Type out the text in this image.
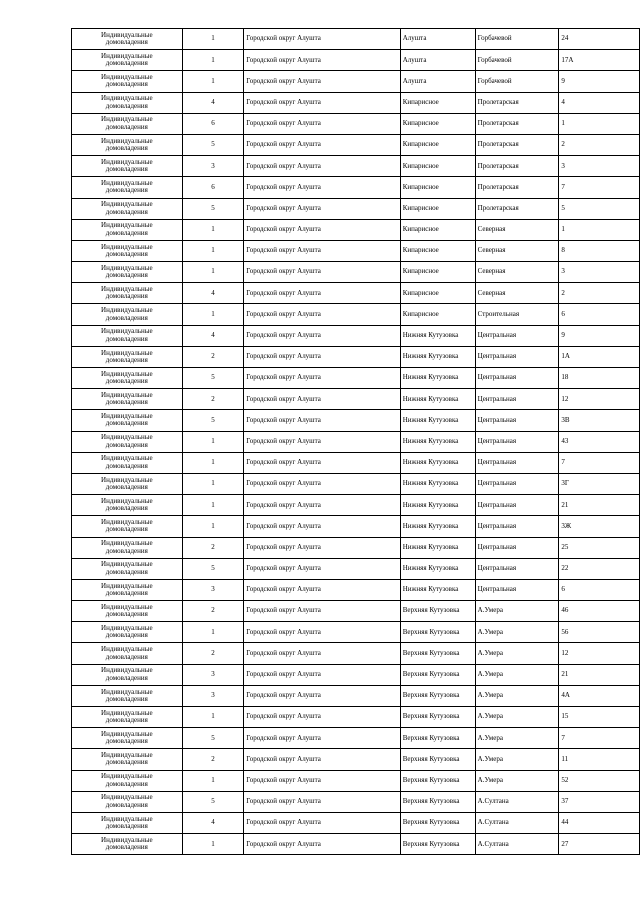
Индивидуальные
домовладения	1	Городской округ Алушта	Алушта	Горбачевой	24

Индивидуальные
домовладения	1	Городской округ Алушта	Алушта	Горбачевой	17А

Индивидуальные
домовладения	1	Городской округ Алушта	Алушта	Горбачевой	9

Индивидуальные
домовладения	4	Городской округ Алушта	Кипарисное	Пролетарская	4

Индивидуальные
домовладения	6	Городской округ Алушта	Кипарисное	Пролетарская	1

Индивидуальные
домовладения	5	Городской округ Алушта	Кипарисное	Пролетарская	2

Индивидуальные
домовладения	3	Городской округ Алушта	Кипарисное	Пролетарская	3

Индивидуальные
домовладения	6	Городской округ Алушта	Кипарисное	Пролетарская	7

Индивидуальные
домовладения	5	Городской округ Алушта	Кипарисное	Пролетарская	5

Индивидуальные
домовладения	1	Городской округ Алушта	Кипарисное	Северная	1

Индивидуальные
домовладения	1	Городской округ Алушта	Кипарисное	Северная	8

Индивидуальные
домовладения	1	Городской округ Алушта	Кипарисное	Северная	3

Индивидуальные
домовладения	4	Городской округ Алушта	Кипарисное	Северная	2

Индивидуальные
домовладения	1	Городской округ Алушта	Кипарисное	Строительная	6

Индивидуальные
домовладения	4	Городской округ Алушта	Нижняя Кутузовка	Центральная	9

Индивидуальные
домовладения	2	Городской округ Алушта	Нижняя Кутузовка	Центральная	1А

Индивидуальные
домовладения	5	Городской округ Алушта	Нижняя Кутузовка	Центральная	18

Индивидуальные
домовладения	2	Городской округ Алушта	Нижняя Кутузовка	Центральная	12

Индивидуальные
домовладения	5	Городской округ Алушта	Нижняя Кутузовка	Центральная	3В

Индивидуальные
домовладения	1	Городской округ Алушта	Нижняя Кутузовка	Центральная	43

Индивидуальные
домовладения	1	Городской округ Алушта	Нижняя Кутузовка	Центральная	7

Индивидуальные
домовладения	1	Городской округ Алушта	Нижняя Кутузовка	Центральная	3Г

Индивидуальные
домовладения	1	Городской округ Алушта	Нижняя Кутузовка	Центральная	21

Индивидуальные
домовладения	1	Городской округ Алушта	Нижняя Кутузовка	Центральная	3Ж

Индивидуальные
домовладения	2	Городской округ Алушта	Нижняя Кутузовка	Центральная	25

Индивидуальные
домовладения	5	Городской округ Алушта	Нижняя Кутузовка	Центральная	22

Индивидуальные
домовладения	3	Городской округ Алушта	Нижняя Кутузовка	Центральная	6

Индивидуальные
домовладения	2	Городской округ Алушта	Верхняя Кутузовка	А.Умера	46

Индивидуальные
домовладения	1	Городской округ Алушта	Верхняя Кутузовка	А.Умера	56

Индивидуальные
домовладения	2	Городской округ Алушта	Верхняя Кутузовка	А.Умера	12

Индивидуальные
домовладения	3	Городской округ Алушта	Верхняя Кутузовка	А.Умера	21

Индивидуальные
домовладения	3	Городской округ Алушта	Верхняя Кутузовка	А.Умера	4А

Индивидуальные
домовладения	1	Городской округ Алушта	Верхняя Кутузовка	А.Умера	15

Индивидуальные
домовладения	5	Городской округ Алушта	Верхняя Кутузовка	А.Умера	7

Индивидуальные
домовладения	2	Городской округ Алушта	Верхняя Кутузовка	А.Умера	11

Индивидуальные
домовладения	1	Городской округ Алушта	Верхняя Кутузовка	А.Умера	52

Индивидуальные
домовладения	5	Городской округ Алушта	Верхняя Кутузовка	А.Султана	37

Индивидуальные
домовладения	4	Городской округ Алушта	Верхняя Кутузовка	А.Султана	44

Индивидуальные
домовладения	1	Городской округ Алушта	Верхняя Кутузовка	А.Султана	27
